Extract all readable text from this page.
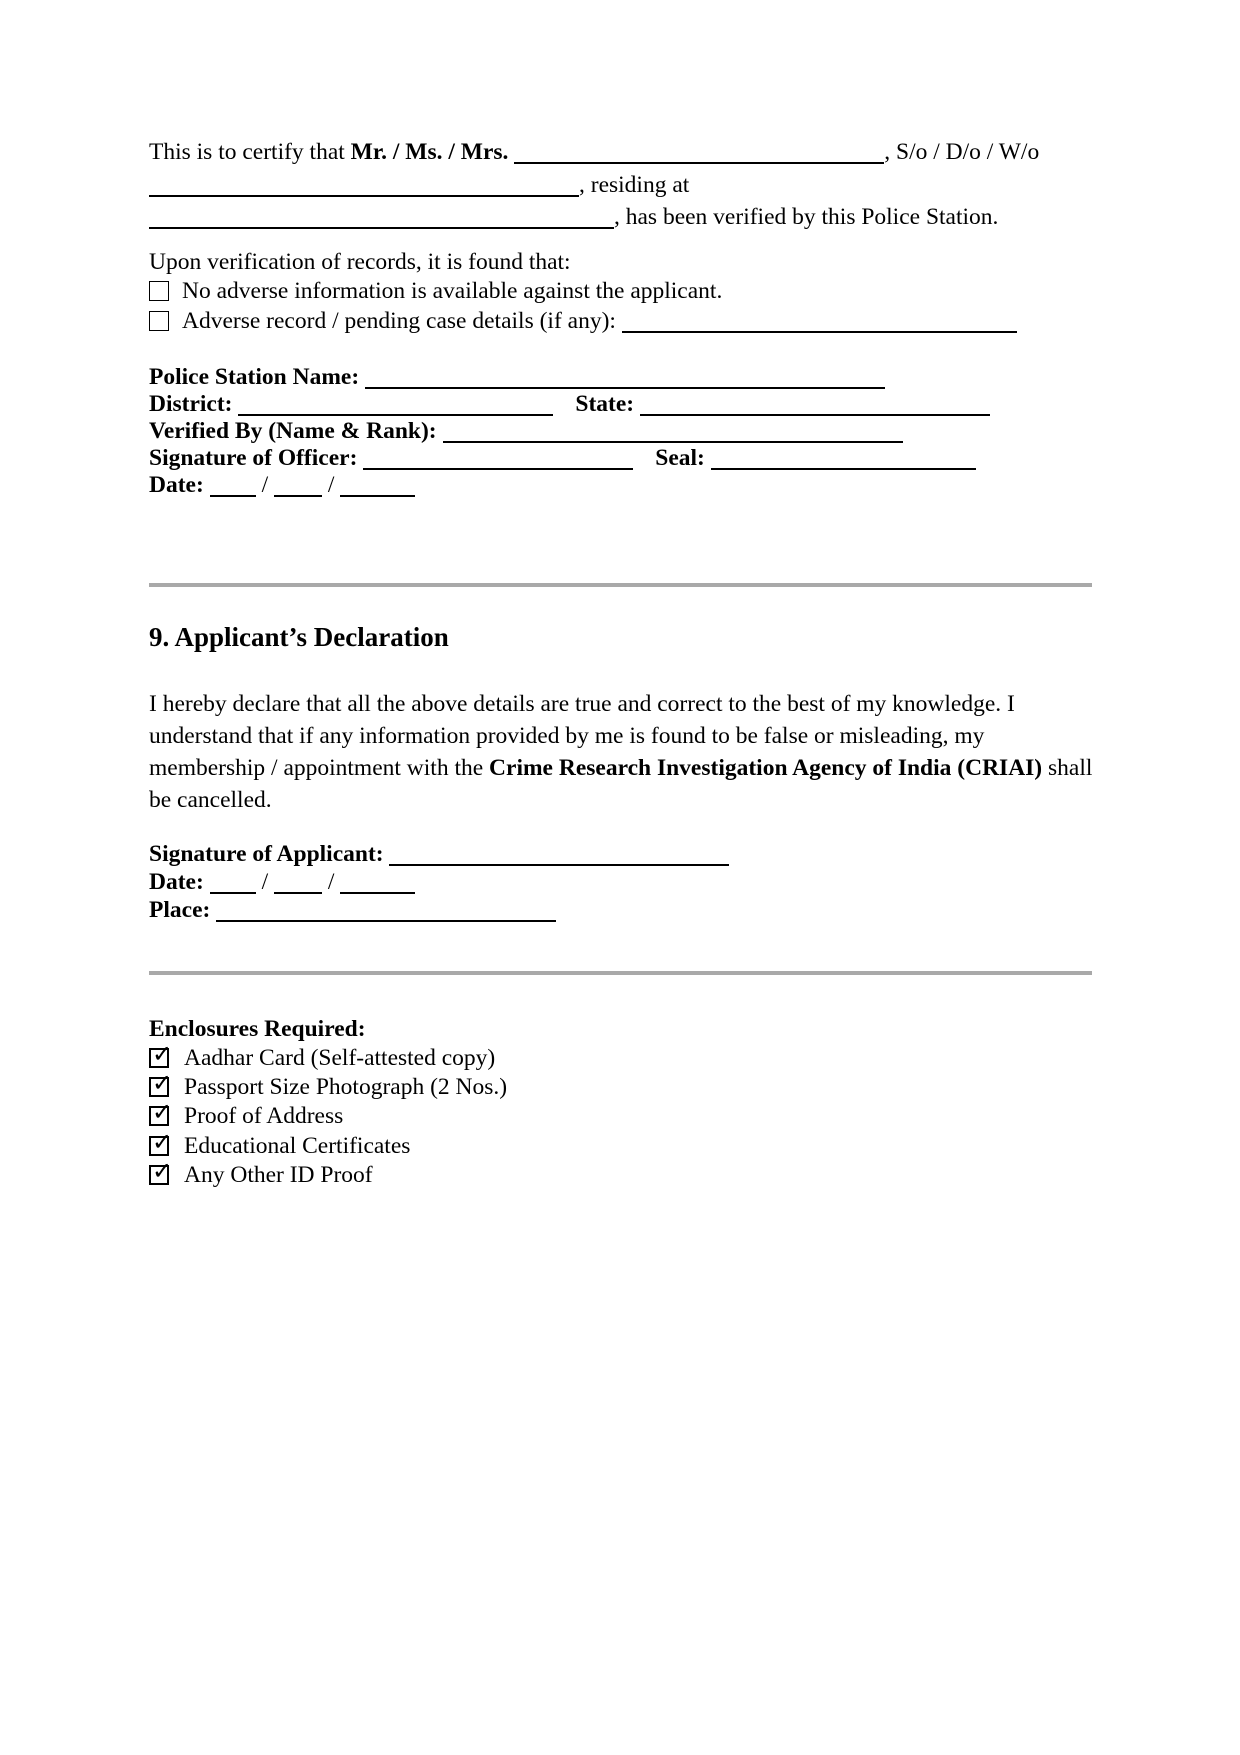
This is to certify that Mr. / Ms. / Mrs.	, S/o / D/o / W/o , residing at , has been verified by this Police Station.

Upon verification of records, it is found that:
No adverse information is available against the applicant.
Adverse record / pending case details (if any):
Police Station Name:
District:	State:
Verified By (Name & Rank):
Signature of Officer:	Seal:
Date: /	/
9. Applicant’s Declaration

I hereby declare that all the above details are true and correct to the best of my knowledge. I understand that if any information provided by me is found to be false or misleading, my membership / appointment with the Crime Research Investigation Agency of India (CRIAI) shall be cancelled.

Signature of Applicant:
Date: /	/
Place:
Enclosures Required:
✓ Aadhar Card (Self-attested copy)
✓ Passport Size Photograph (2 Nos.)
✓ Proof of Address
✓ Educational Certificates
✓ Any Other ID Proof
